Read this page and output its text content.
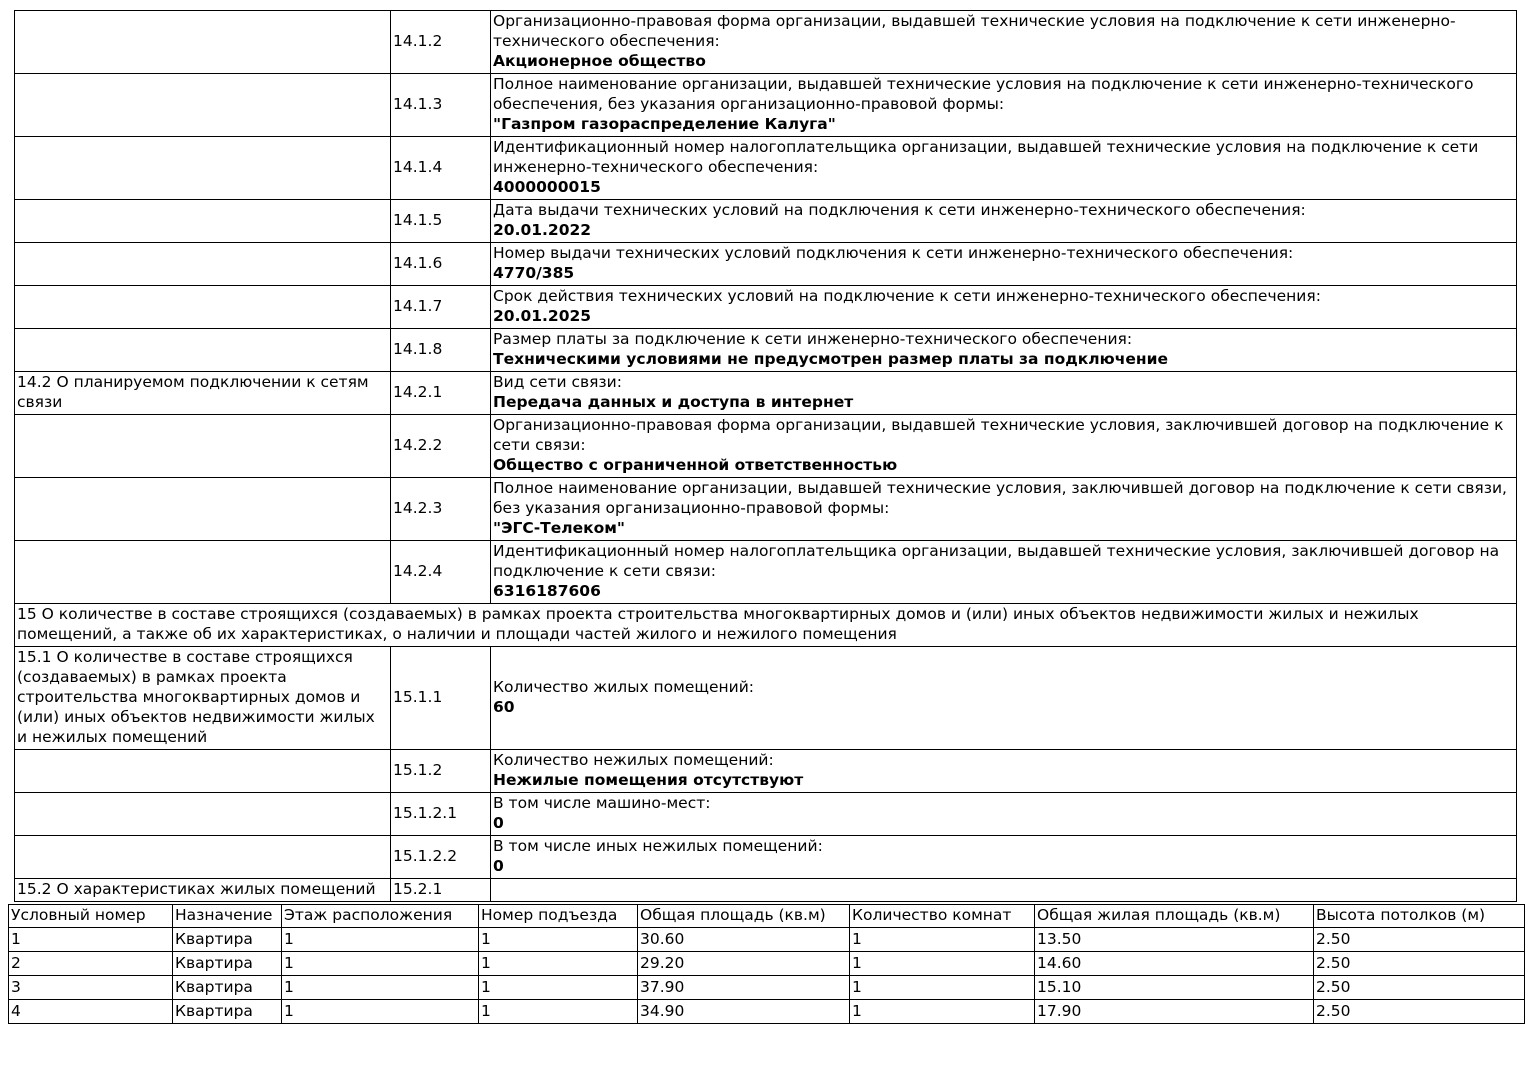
	14.1.2	Организационно-правовая форма организации, выдавшей технические условия на подключение к сети инженерно-технического обеспечения:
Акционерное общество

	14.1.3	Полное наименование организации, выдавшей технические условия на подключение к сети инженерно-технического обеспечения, без указания организационно-правовой формы:
"Газпром газораспределение Калуга"

	14.1.4	Идентификационный номер налогоплательщика организации, выдавшей технические условия на подключение к сети инженерно-технического обеспечения:
4000000015

	14.1.5	Дата выдачи технических условий на подключения к сети инженерно-технического обеспечения:
20.01.2022

	14.1.6	Номер выдачи технических условий подключения к сети инженерно-технического обеспечения:
4770/385

	14.1.7	Срок действия технических условий на подключение к сети инженерно-технического обеспечения:
20.01.2025

	14.1.8	Размер платы за подключение к сети инженерно-технического обеспечения:
Техническими условиями не предусмотрен размер платы за подключение

14.2 О планируемом подключении к сетям связи	14.2.1	Вид сети связи:
Передача данных и доступа в интернет

	14.2.2	Организационно-правовая форма организации, выдавшей технические условия, заключившей договор на подключение к сети связи:
Общество с ограниченной ответственностью

	14.2.3	Полное наименование организации, выдавшей технические условия, заключившей договор на подключение к сети связи, без указания организационно-правовой формы:
"ЭГС-Телеком"

	14.2.4	Идентификационный номер налогоплательщика организации, выдавшей технические условия, заключившей договор на подключение к сети связи:
6316187606

15 О количестве в составе строящихся (создаваемых) в рамках проекта строительства многоквартирных домов и (или) иных объектов недвижимости жилых и нежилых помещений, а также об их характеристиках, о наличии и площади частей жилого и нежилого помещения		
15.1 О количестве в составе строящихся (создаваемых) в рамках проекта строительства многоквартирных домов и (или) иных объектов недвижимости жилых и нежилых помещений	15.1.1	Количество жилых помещений:
60

	15.1.2	Количество нежилых помещений:
Нежилые помещения отсутствуют

	15.1.2.1	В том числе машино-мест:
0

	15.1.2.2	В том числе иных нежилых помещений:
0

15.2 О характеристиках жилых помещений	15.2.1	
Условный номер	Назначение	Этаж расположения	Номер подъезда	Общая площадь (кв.м)	Количество комнат	Общая жилая площадь (кв.м)	Высота потолков (м)
1	Квартира	1	1	30.60	1	13.50	2.50
2	Квартира	1	1	29.20	1	14.60	2.50
3	Квартира	1	1	37.90	1	15.10	2.50
4	Квартира	1	1	34.90	1	17.90	2.50
